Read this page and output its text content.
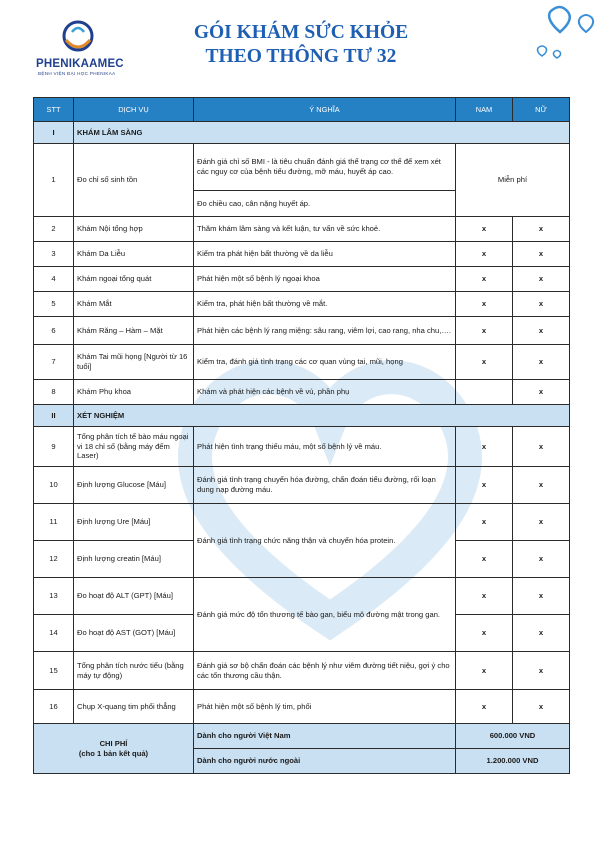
PHENIKAAMEC
BỆNH VIỆN ĐẠI HỌC PHENIKAA
GÓI KHÁM SỨC KHỎE
THEO THÔNG TƯ 32
STT	DỊCH VỤ	Ý NGHĨA	NAM	NỮ
I	KHÁM LÂM SÀNG			
1	Đo chỉ số sinh tồn	Đánh giá chỉ số BMI - là tiêu chuẩn đánh giá thể trạng cơ thể để xem xét các nguy cơ của bệnh tiểu đường, mỡ máu, huyết áp cao.	Miễn phí	
		Đo chiều cao, cân nặng huyết áp.		
2	Khám Nội tổng hợp	Thăm khám lâm sàng và kết luận, tư vấn về sức khoẻ.	x	x
3	Khám Da Liễu	Kiểm tra phát hiện bất thường về da liễu	x	x
4	Khám ngoại tổng quát	Phát hiện một số bệnh lý ngoại khoa	x	x
5	Khám Mắt	Kiểm tra, phát hiện bất thường về mắt.	x	x
6	Khám Răng – Hàm – Mặt	Phát hiện các bệnh lý rang miệng: sâu rang, viêm lợi, cao rang, nha chu,….	x	x
7	Khám Tai mũi họng [Người từ 16 tuổi]	Kiểm tra, đánh giá tình trạng các cơ quan vùng tai, mũi, họng	x	x
8	Khám Phụ khoa	Khám và phát hiện các bệnh về vú, phần phụ		x
II	XÉT NGHIỆM			
9	Tổng phân tích tế bào máu ngoại vi 18 chỉ số (bằng máy đếm Laser)	Phát hiện tình trạng thiếu máu, một số bệnh lý về máu.	x	x
10	Định lượng Glucose [Máu]	Đánh giá tình trạng chuyển hóa đường, chẩn đoán tiểu đường, rối loạn dung nạp đường máu.	x	x
11	Định lượng Ure [Máu]	Đánh giá tình trạng chức năng thận và chuyển hóa protein.	x	x
12	Định lượng creatin [Máu]		x	x
13	Đo hoạt độ ALT (GPT) [Máu]	Đánh giá mức độ tổn thương tế bào gan, biểu mô đường mật trong gan.	x	x
14	Đo hoạt độ AST (GOT) [Máu]		x	x
15	Tổng phân tích nước tiểu (bằng máy tự động)	Đánh giá sơ bộ chẩn đoán các bệnh lý như viêm đường tiết niệu, gợi ý cho các tổn thương cầu thận.	x	x
16	Chụp X-quang tim phổi thẳng	Phát hiện một số bệnh lý tim, phổi	x	x

CHI PHÍ
(cho 1 bản kết quả)		Dành cho người Việt Nam	600.000 VND	
		Dành cho người nước ngoài	1.200.000 VND	
